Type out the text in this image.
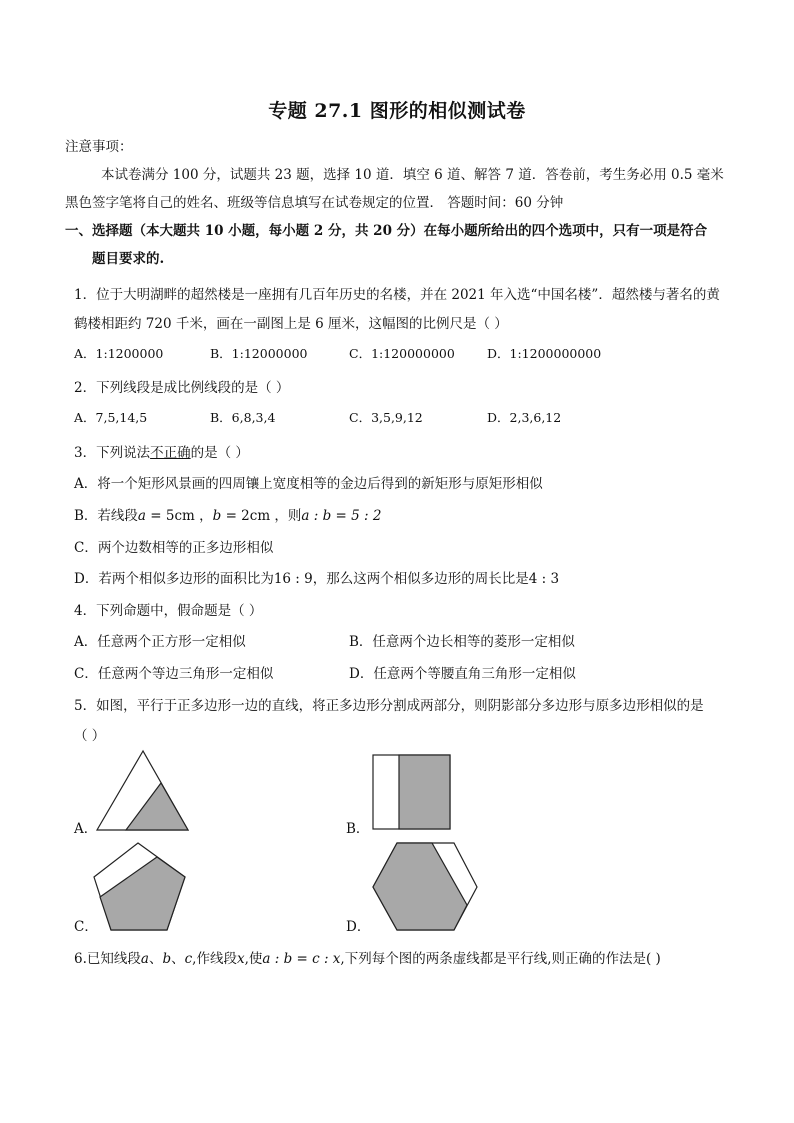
专题 27.1 图形的相似测试卷
注意事项：
本试卷满分 100 分，试题共 23 题，选择 10 道．填空 6 道、解答 7 道．答卷前，考生务必用 0.5 毫米
黑色签字笔将自己的姓名、班级等信息填写在试卷规定的位置． 答题时间：60 分钟
一、选择题（本大题共 10 小题，每小题 2 分，共 20 分）在每小题所给出的四个选项中，只有一项是符合
题目要求的.
1．位于大明湖畔的超然楼是一座拥有几百年历史的名楼，并在 2021 年入选“中国名楼”．超然楼与著名的黄
鹤楼相距约 720 千米，画在一副图上是 6 厘米，这幅图的比例尺是（ ）
A．1:1200000	B．1:12000000	C．1:120000000	D．1:1200000000
2．下列线段是成比例线段的是（ ）
A．7,5,14,5	B．6,8,3,4	C．3,5,9,12	D．2,3,6,12
3．下列说法不正确的是（ ）
A．将一个矩形风景画的四周镶上宽度相等的金边后得到的新矩形与原矩形相似
B．若线段a = 5cm ，b = 2cm ，则a : b = 5 : 2
C．两个边数相等的正多边形相似
D．若两个相似多边形的面积比为16 : 9，那么这两个相似多边形的周长比是4 : 3
4．下列命题中，假命题是（ ）
A．任意两个正方形一定相似	B．任意两个边长相等的菱形一定相似
C．任意两个等边三角形一定相似	D．任意两个等腰直角三角形一定相似
5．如图，平行于正多边形一边的直线，将正多边形分割成两部分，则阴影部分多边形与原多边形相似的是
（ ）
A．	B．
C．	D．
6.已知线段a、b、c,作线段x,使a : b = c : x,下列每个图的两条虚线都是平行线,则正确的作法是( )
